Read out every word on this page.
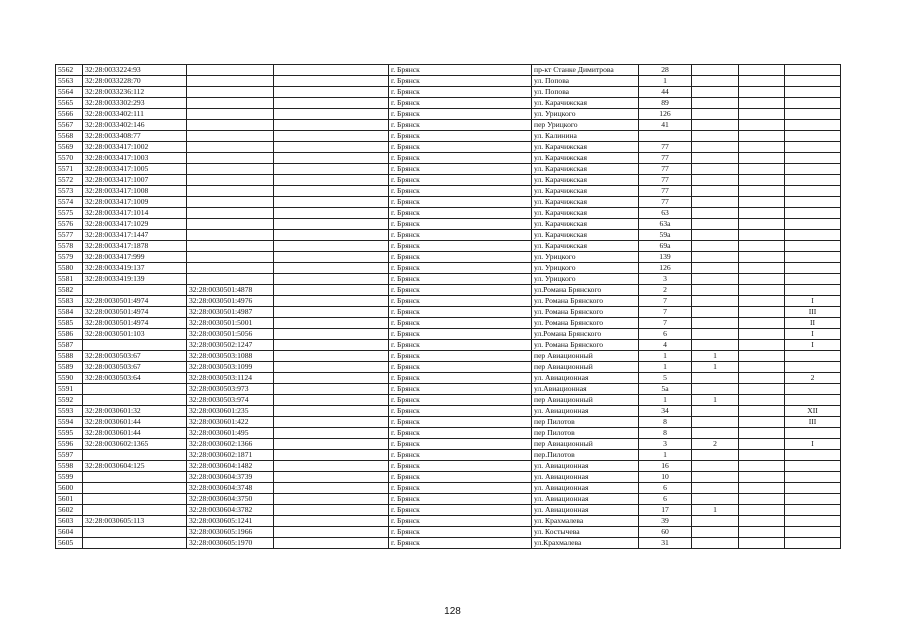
5562	32:28:0033224:93			г. Брянск	пр-кт Станке Димитрова	28			
5563	32:28:0033228:70			г. Брянск	ул. Попова	1			
5564	32:28:0033236:112			г. Брянск	ул. Попова	44			
5565	32:28:0033302:293			г. Брянск	ул. Карачижская	89			
5566	32:28:0033402:111			г. Брянск	ул. Урицкого	126			
5567	32:28:0033402:146			г. Брянск	пер Урицкого	41			
5568	32:28:0033408:77			г. Брянск	ул. Калинина				
5569	32:28:0033417:1002			г. Брянск	ул. Карачижская	77			
5570	32:28:0033417:1003			г. Брянск	ул. Карачижская	77			
5571	32:28:0033417:1005			г. Брянск	ул. Карачижская	77			
5572	32:28:0033417:1007			г. Брянск	ул. Карачижская	77			
5573	32:28:0033417:1008			г. Брянск	ул. Карачижская	77			
5574	32:28:0033417:1009			г. Брянск	ул. Карачижская	77			
5575	32:28:0033417:1014			г. Брянск	ул. Карачижская	63			
5576	32:28:0033417:1029			г. Брянск	ул. Карачижская	63а			
5577	32:28:0033417:1447			г. Брянск	ул. Карачижская	59а			
5578	32:28:0033417:1878			г. Брянск	ул. Карачижская	69а			
5579	32:28:0033417:999			г. Брянск	ул. Урицкого	139			
5580	32:28:0033419:137			г. Брянск	ул. Урицкого	126			
5581	32:28:0033419:139			г. Брянск	ул. Урицкого	3			
5582		32:28:0030501:4878		г. Брянск	ул.Романа Брянского	2			
5583	32:28:0030501:4974	32:28:0030501:4976		г. Брянск	ул. Романа Брянского	7			I
5584	32:28:0030501:4974	32:28:0030501:4987		г. Брянск	ул. Романа Брянского	7			III
5585	32:28:0030501:4974	32:28:0030501:5001		г. Брянск	ул. Романа Брянского	7			II
5586	32:28:0030501:103	32:28:0030501:5056		г. Брянск	ул.Романа Брянского	6			I
5587		32:28:0030502:1247		г. Брянск	ул. Романа Брянского	4			I
5588	32:28:0030503:67	32:28:0030503:1088		г. Брянск	пер Авиационный	1	1		
5589	32:28:0030503:67	32:28:0030503:1099		г. Брянск	пер Авиационный	1	1		
5590	32:28:0030503:64	32:28:0030503:1124		г. Брянск	ул. Авиационная	5			2
5591		32:28:0030503:973		г. Брянск	ул.Авиационная	5а			
5592		32:28:0030503:974		г. Брянск	пер Авиационный	1	1		
5593	32:28:0030601:32	32:28:0030601:235		г. Брянск	ул. Авиационная	34			XII
5594	32:28:0030601:44	32:28:0030601:422		г. Брянск	пер Пилотов	8			III
5595	32:28:0030601:44	32:28:0030601:495		г. Брянск	пер Пилотов	8			
5596	32:28:0030602:1365	32:28:0030602:1366		г. Брянск	пер Авиационный	3	2		I
5597		32:28:0030602:1871		г. Брянск	пер.Пилотов	1			
5598	32:28:0030604:125	32:28:0030604:1482		г. Брянск	ул. Авиационная	16			
5599		32:28:0030604:3739		г. Брянск	ул. Авиационная	10			
5600		32:28:0030604:3748		г. Брянск	ул. Авиационная	6			
5601		32:28:0030604:3750		г. Брянск	ул. Авиационная	6			
5602		32:28:0030604:3782		г. Брянск	ул. Авиационная	17	1		
5603	32:28:0030605:113	32:28:0030605:1241		г. Брянск	ул. Крахмалева	39			
5604		32:28:0030605:1966		г. Брянск	ул. Костычева	60			
5605		32:28:0030605:1970		г. Брянск	ул.Крахмалева	31			
128
